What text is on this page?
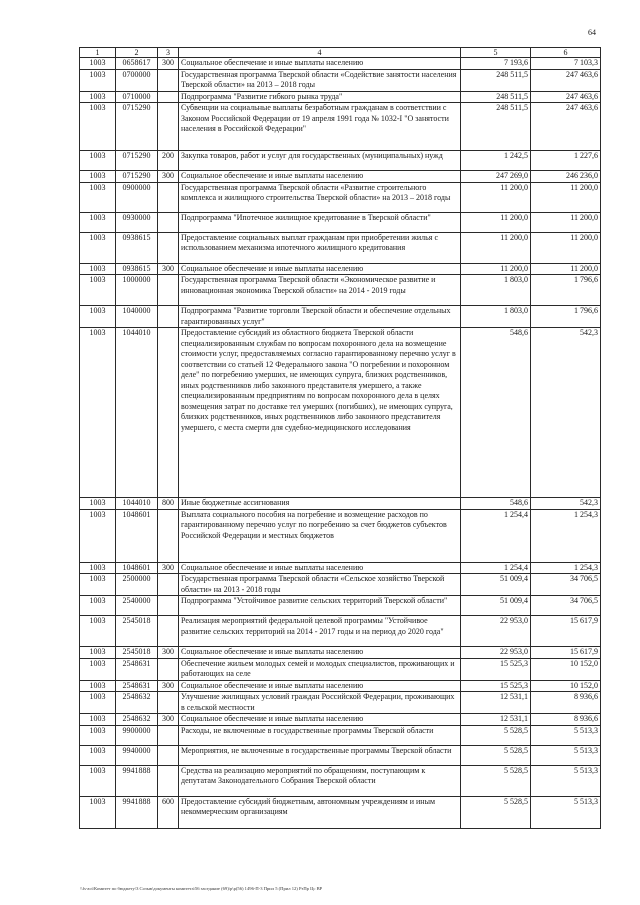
64
1	2	3	4	5	6
1003	0658617	300	Социальное обеспечение и иные выплаты населению	7 193,6	7 103,3
1003	0700000		Государственная программа Тверской области «Содействие занятости населения Тверской области» на 2013 – 2018 годы	248 511,5	247 463,6
1003	0710000		Подпрограмма "Развитие гибкого рынка труда"	248 511,5	247 463,6
1003	0715290		Субвенции на социальные выплаты безработным гражданам в соответствии с Законом Российской Федерации от 19 апреля 1991 года № 1032-I "О занятости населения в Российской Федерации"	248 511,5	247 463,6
1003	0715290	200	Закупка товаров, работ и услуг для государственных (муниципальных) нужд	1 242,5	1 227,6
1003	0715290	300	Социальное обеспечение и иные выплаты населению	247 269,0	246 236,0
1003	0900000		Государственная программа Тверской области «Развитие строительного комплекса и жилищного строительства Тверской области» на 2013 – 2018 годы	11 200,0	11 200,0
1003	0930000		Подпрограмма "Ипотечное жилищное кредитование в Тверской области"	11 200,0	11 200,0
1003	0938615		Предоставление социальных выплат гражданам при приобретении жилья с использованием механизма ипотечного жилищного кредитования	11 200,0	11 200,0
1003	0938615	300	Социальное обеспечение и иные выплаты населению	11 200,0	11 200,0
1003	1000000		Государственная программа Тверской области «Экономическое развитие и инновационная экономика Тверской области» на 2014 - 2019 годы	1 803,0	1 796,6
1003	1040000		Подпрограмма "Развитие торговли Тверской области и обеспечение отдельных гарантированных услуг"	1 803,0	1 796,6
1003	1044010		Предоставление субсидий из областного бюджета Тверской области специализированным службам по вопросам похоронного дела на возмещение стоимости услуг, предоставляемых согласно гарантированному перечню услуг в соответствии со статьей 12 Федерального закона "О погребении и похоронном деле" по погребению умерших, не имеющих супруга, близких родственников, иных родственников либо законного представителя умершего, а также специализированным предприятиям по вопросам похоронного дела в целях возмещения затрат по доставке тел умерших (погибших), не имеющих супруга, близких родственников, иных родственников либо законного представителя умершего, с места смерти для судебно-медицинского исследования	548,6	542,3
1003	1044010	800	Иные бюджетные ассигнования	548,6	542,3
1003	1048601		Выплата социального пособия на погребение и возмещение расходов по гарантированному перечню услуг по погребению за счет бюджетов субъектов Российской Федерации и местных бюджетов	1 254,4	1 254,3
1003	1048601	300	Социальное обеспечение и иные выплаты населению	1 254,4	1 254,3
1003	2500000		Государственная программа Тверской области «Сельское хозяйство Тверской области» на 2013 - 2018 годы	51 009,4	34 706,5
1003	2540000		Подпрограмма "Устойчивое развитие сельских территорий Тверской области"	51 009,4	34 706,5
1003	2545018		Реализация мероприятий федеральной целевой программы "Устойчивое развитие сельских территорий на 2014 - 2017 годы и на период до 2020 года"	22 953,0	15 617,9
1003	2545018	300	Социальное обеспечение и иные выплаты населению	22 953,0	15 617,9
1003	2548631		Обеспечение жильем молодых семей и молодых специалистов, проживающих и работающих на селе	15 525,3	10 152,0
1003	2548631	300	Социальное обеспечение и иные выплаты населению	15 525,3	10 152,0
1003	2548632		Улучшение жилищных условий граждан Российской Федерации, проживающих в сельской местности	12 531,1	8 936,6
1003	2548632	300	Социальное обеспечение и иные выплаты населению	12 531,1	8 936,6
1003	9900000		Расходы, не включенные в государственные программы Тверской области	5 528,5	5 513,3
1003	9940000		Мероприятия, не включенные в государственные программы Тверской области	5 528,5	5 513,3
1003	9941888		Средства на реализацию мероприятий по обращениям, поступающим к депутатам Законодательного Собрания Тверской области	5 528,5	5 513,3
1003	9941888	600	Предоставление субсидий бюджетным, автономным учреждениям и иным некоммерческим организациям	5 528,5	5 513,3
\\fs-act\Комитет по бюджету\3 Созыв\документы комитета\56 заседание (69)\р\р(56) 1496-П-3 Прил 5 (Прил 12) РзПр Цс ВР
